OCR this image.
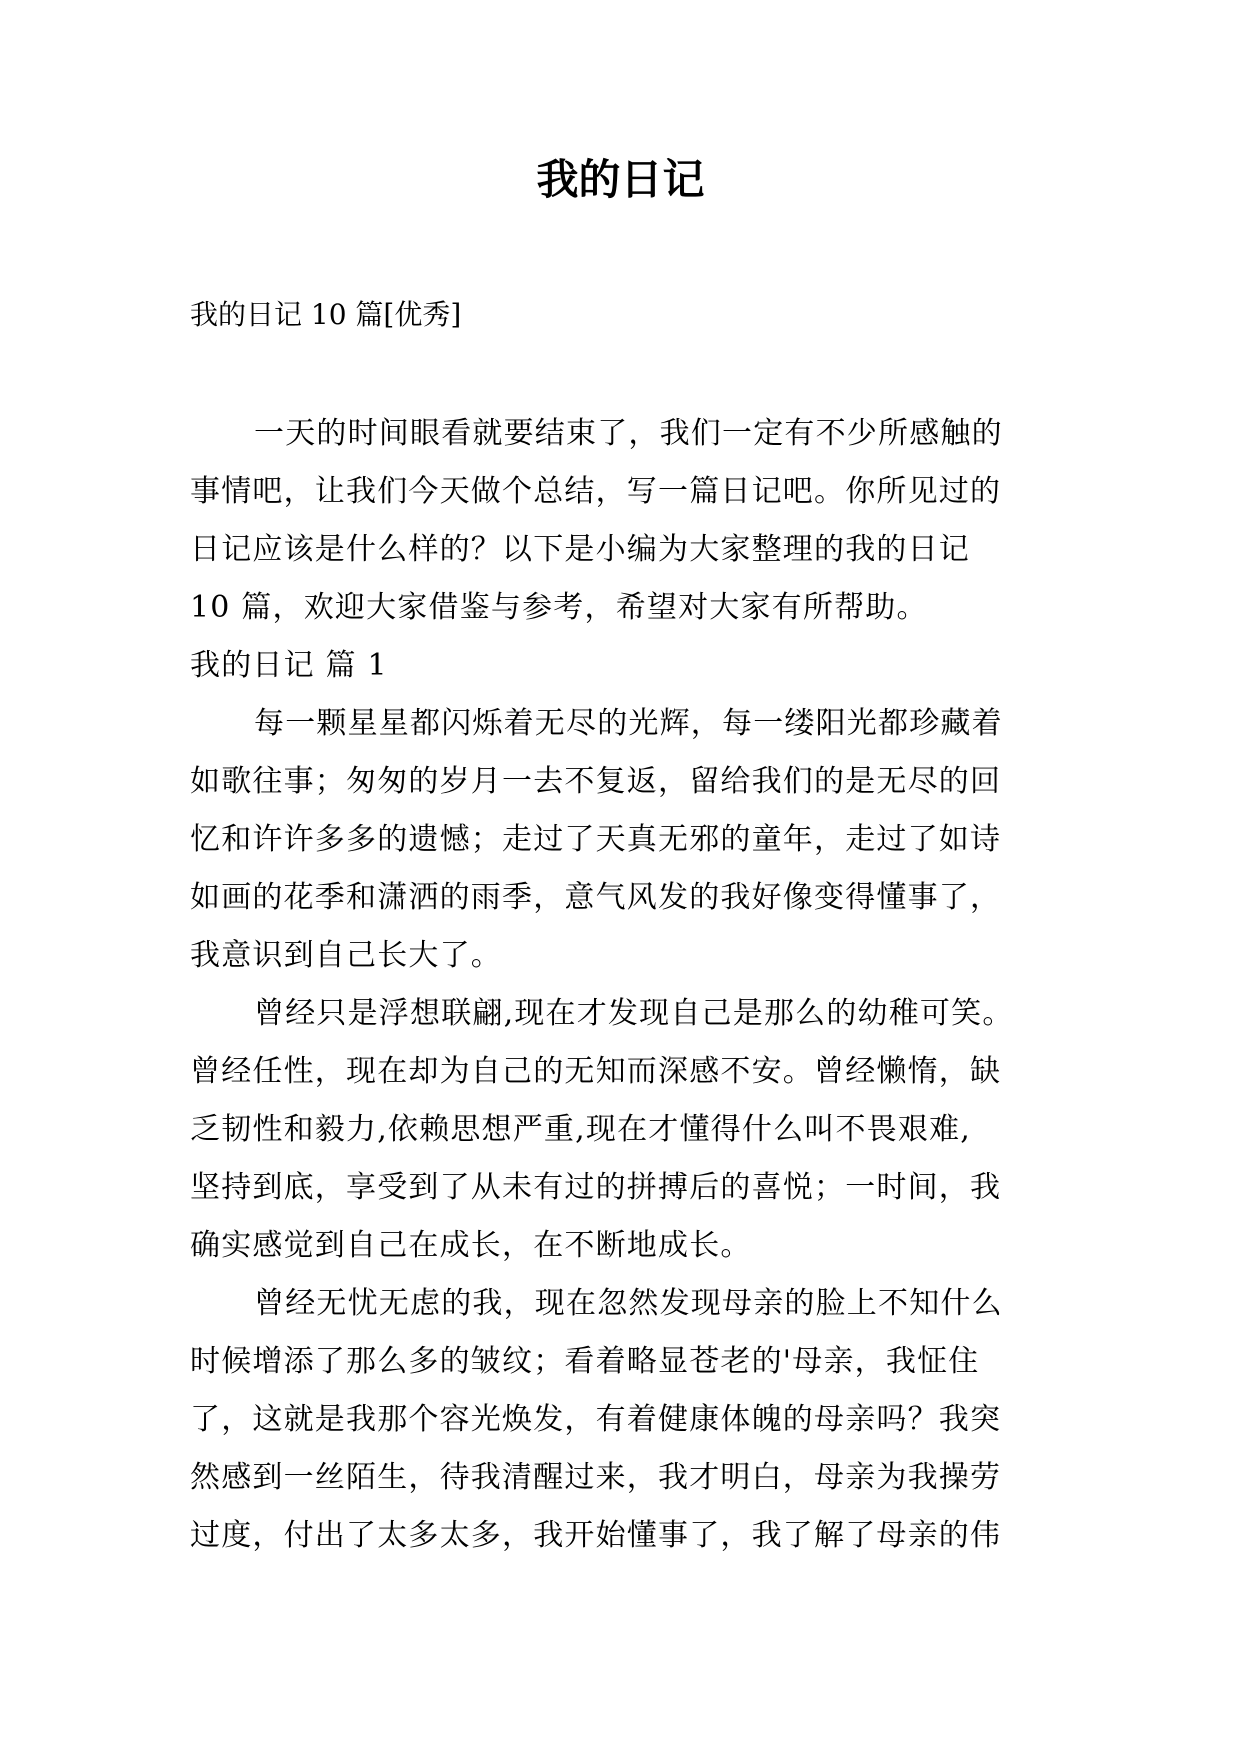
我的日记

我的日记 10 篇[优秀]

一天的时间眼看就要结束了，我们一定有不少所感触的
事情吧，让我们今天做个总结，写一篇日记吧。你所见过的
日记应该是什么样的？以下是小编为大家整理的我的日记
10 篇，欢迎大家借鉴与参考，希望对大家有所帮助。
我的日记 篇 1
每一颗星星都闪烁着无尽的光辉，每一缕阳光都珍藏着
如歌往事；匆匆的岁月一去不复返，留给我们的是无尽的回
忆和许许多多的遗憾；走过了天真无邪的童年，走过了如诗
如画的花季和潇洒的雨季，意气风发的我好像变得懂事了，
我意识到自己长大了。
曾经只是浮想联翩,现在才发现自己是那么的幼稚可笑。
曾经任性，现在却为自己的无知而深感不安。曾经懒惰，缺
乏韧性和毅力,依赖思想严重,现在才懂得什么叫不畏艰难,
坚持到底，享受到了从未有过的拼搏后的喜悦；一时间，我
确实感觉到自己在成长，在不断地成长。
曾经无忧无虑的我，现在忽然发现母亲的脸上不知什么
时候增添了那么多的皱纹；看着略显苍老的'母亲，我怔住
了，这就是我那个容光焕发，有着健康体魄的母亲吗？我突
然感到一丝陌生，待我清醒过来，我才明白，母亲为我操劳
过度，付出了太多太多，我开始懂事了，我了解了母亲的伟
